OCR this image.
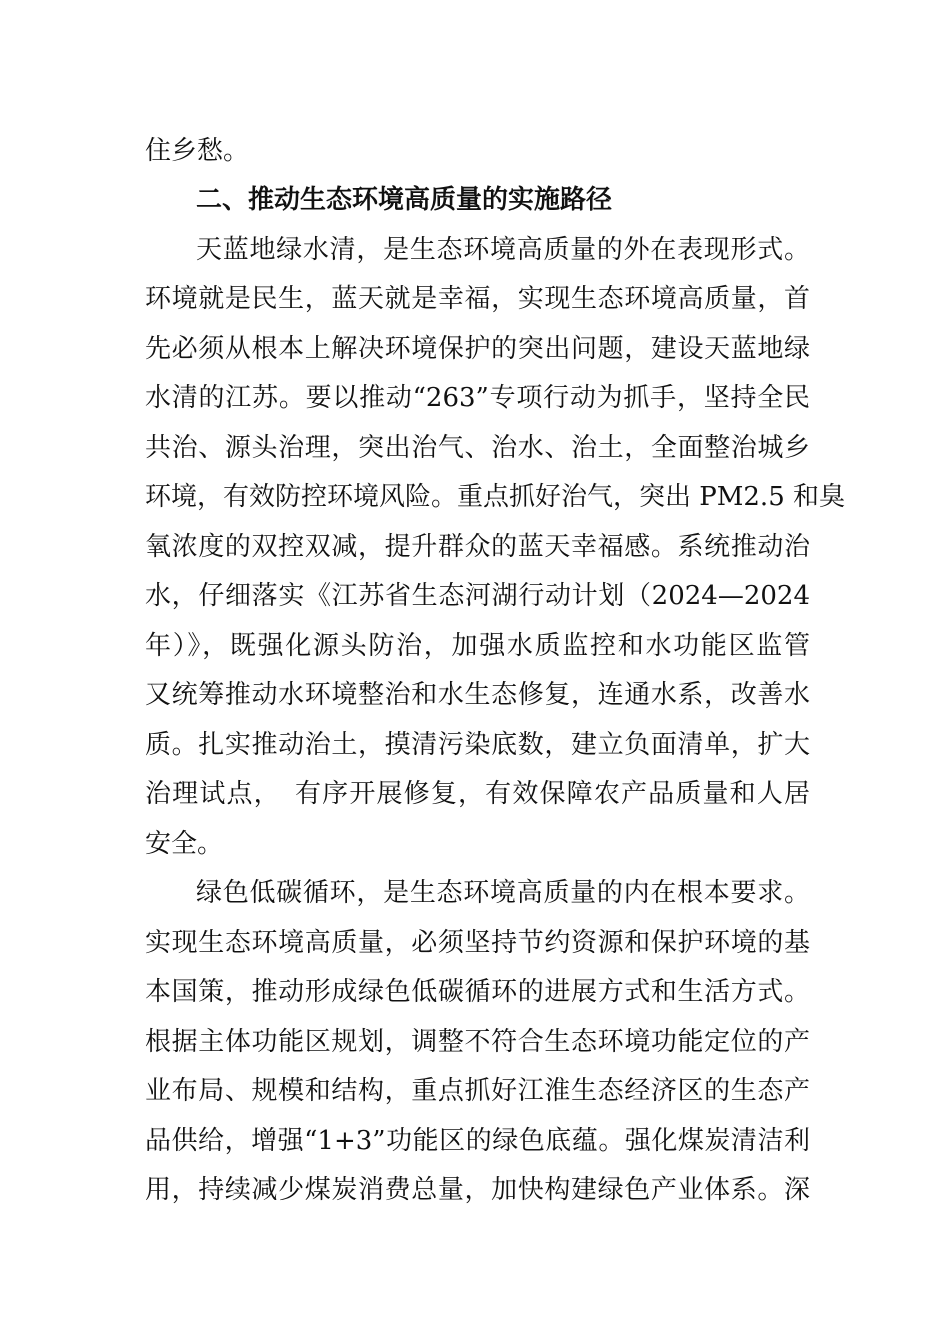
住乡愁。
二、推动生态环境高质量的实施路径
天蓝地绿水清，是生态环境高质量的外在表现形式。
环境就是民生，蓝天就是幸福，实现生态环境高质量，首
先必须从根本上解决环境保护的突出问题，建设天蓝地绿
水清的江苏。要以推动“263”专项行动为抓手，坚持全民
共治、源头治理，突出治气、治水、治土，全面整治城乡
环境，有效防控环境风险。重点抓好治气，突出 PM2.5 和臭
氧浓度的双控双减，提升群众的蓝天幸福感。系统推动治
水，仔细落实《江苏省生态河湖行动计划（2024—2024
年）》，既强化源头防治，加强水质监控和水功能区监管
又统筹推动水环境整治和水生态修复，连通水系，改善水
质。扎实推动治土，摸清污染底数，建立负面清单，扩大
治理试点，　有序开展修复，有效保障农产品质量和人居
安全。
绿色低碳循环，是生态环境高质量的内在根本要求。
实现生态环境高质量，必须坚持节约资源和保护环境的基
本国策，推动形成绿色低碳循环的进展方式和生活方式。
根据主体功能区规划，调整不符合生态环境功能定位的产
业布局、规模和结构，重点抓好江淮生态经济区的生态产
品供给，增强“1+3”功能区的绿色底蕴。强化煤炭清洁利
用，持续减少煤炭消费总量，加快构建绿色产业体系。深
